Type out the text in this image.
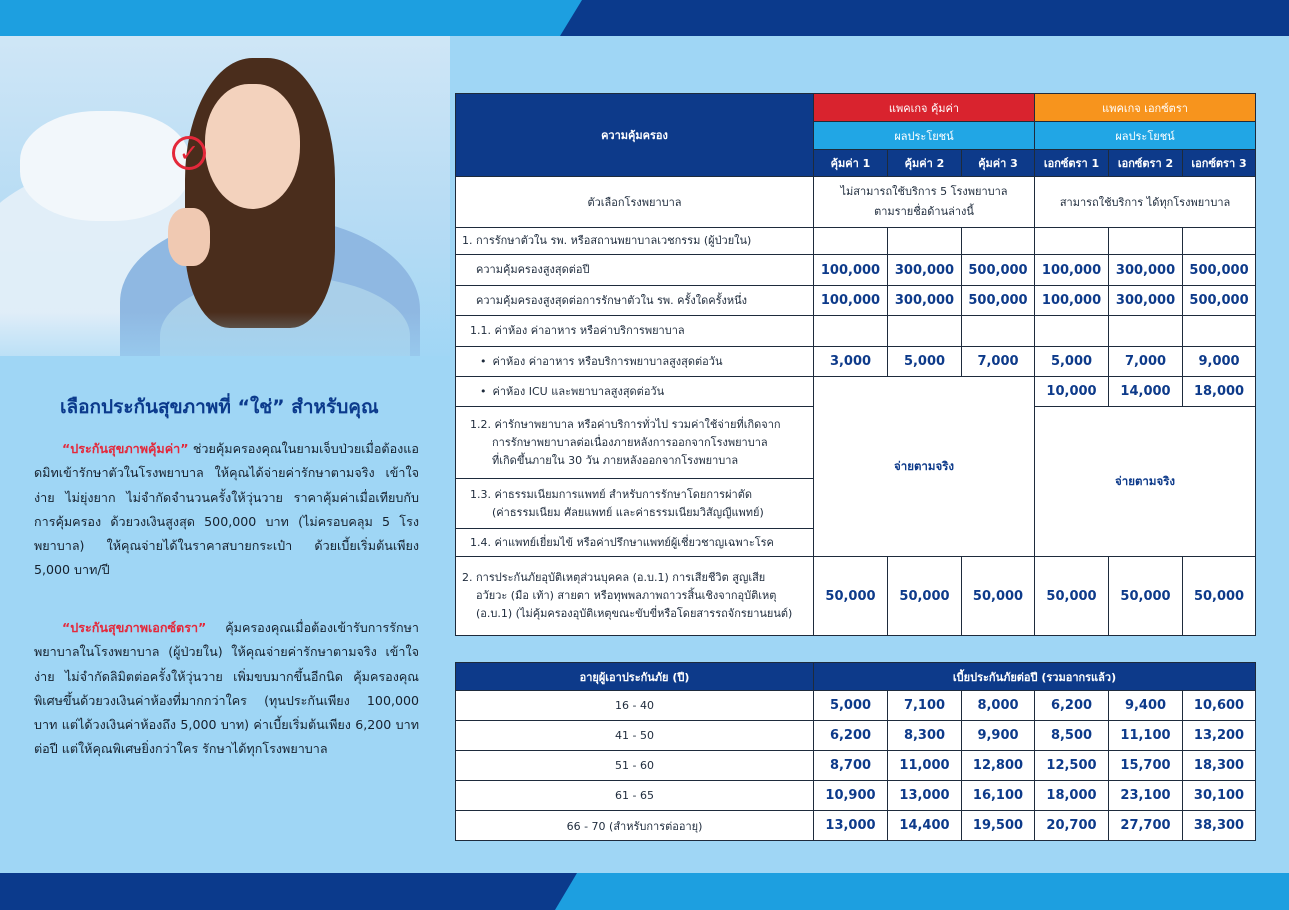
✓
เลือกประกันสุขภาพที่ “ใช่” สำหรับคุณ
“ประกันสุขภาพคุ้มค่า” ช่วยคุ้มครองคุณในยามเจ็บป่วยเมื่อต้องแอดมิทเข้ารักษาตัวในโรงพยาบาล ให้คุณได้จ่ายค่ารักษาตามจริง เข้าใจง่าย ไม่ยุ่งยาก ไม่จำกัดจำนวนครั้งให้วุ่นวาย ราคาคุ้มค่าเมื่อเทียบกับการคุ้มครอง ด้วยวงเงินสูงสุด 500,000 บาท (ไม่ครอบคลุม 5 โรงพยาบาล) ให้คุณจ่ายได้ในราคาสบายกระเป๋า ด้วยเบี้ยเริ่มต้นเพียง 5,000 บาท/ปี
“ประกันสุขภาพเอกซ์ตรา” คุ้มครองคุณเมื่อต้องเข้ารับการรักษาพยาบาลในโรงพยาบาล (ผู้ป่วยใน) ให้คุณจ่ายค่ารักษาตามจริง เข้าใจง่าย ไม่จำกัดลิมิตต่อครั้งให้วุ่นวาย เพิ่มขบมากขึ้นอีกนิด คุ้มครองคุณพิเศษขึ้นด้วยวงเงินค่าห้องที่มากกว่าใคร (ทุนประกันเพียง 100,000 บาท แต่ได้วงเงินค่าห้องถึง 5,000 บาท) ค่าเบี้ยเริ่มต้นเพียง 6,200 บาทต่อปี แต่ให้คุณพิเศษยิ่งกว่าใคร รักษาได้ทุกโรงพยาบาล
ความคุ้มครอง	แพคเกจ คุ้มค่า			แพคเกจ เอกซ์ตรา		
	ผลประโยชน์			ผลประโยชน์		
	คุ้มค่า 1	คุ้มค่า 2	คุ้มค่า 3	เอกซ์ตรา 1	เอกซ์ตรา 2	เอกซ์ตรา 3
ตัวเลือกโรงพยาบาล	ไม่สามารถใช้บริการ 5 โรงพยาบาล
ตามรายชื่อด้านล่างนี้			สามารถใช้บริการ ได้ทุกโรงพยาบาล		
1. การรักษาตัวใน รพ. หรือสถานพยาบาลเวชกรรม (ผู้ป่วยใน)						
ความคุ้มครองสูงสุดต่อปี	100,000	300,000	500,000	100,000	300,000	500,000
ความคุ้มครองสูงสุดต่อการรักษาตัวใน รพ. ครั้งใดครั้งหนึ่ง	100,000	300,000	500,000	100,000	300,000	500,000
1.1. ค่าห้อง ค่าอาหาร หรือค่าบริการพยาบาล						
• ค่าห้อง ค่าอาหาร หรือบริการพยาบาลสูงสุดต่อวัน	3,000	5,000	7,000	5,000	7,000	9,000
• ค่าห้อง ICU และพยาบาลสูงสุดต่อวัน	จ่ายตามจริง			10,000	14,000	18,000

1.2. ค่ารักษาพยาบาล หรือค่าบริการทั่วไป รวมค่าใช้จ่ายที่เกิดจาก
การรักษาพยาบาลต่อเนื่องภายหลังการออกจากโรงพยาบาล
ที่เกิดขึ้นภายใน 30 วัน ภายหลังออกจากโรงพยาบาล				จ่ายตามจริง		

1.3. ค่าธรรมเนียมการแพทย์ สำหรับการรักษาโดยการผ่าตัด
(ค่าธรรมเนียม ศัลยแพทย์ และค่าธรรมเนียมวิสัญญีแพทย์)						

1.4. ค่าแพทย์เยี่ยมไข้ หรือค่าปรึกษาแพทย์ผู้เชี่ยวชาญเฉพาะโรค						

2. การประกันภัยอุบัติเหตุส่วนบุคคล (อ.บ.1) การเสียชีวิต สูญเสีย
อวัยวะ (มือ เท้า) สายตา หรือทุพพลภาพถาวรสิ้นเชิงจากอุบัติเหตุ
(อ.บ.1) (ไม่คุ้มครองอุบัติเหตุขณะขับขี่หรือโดยสารรถจักรยานยนต์)	50,000	50,000	50,000	50,000	50,000	50,000
อายุผู้เอาประกันภัย (ปี)	เบี้ยประกันภัยต่อปี (รวมอากรแล้ว)					
16 - 40	5,000	7,100	8,000	6,200	9,400	10,600
41 - 50	6,200	8,300	9,900	8,500	11,100	13,200
51 - 60	8,700	11,000	12,800	12,500	15,700	18,300
61 - 65	10,900	13,000	16,100	18,000	23,100	30,100
66 - 70 (สำหรับการต่ออายุ)	13,000	14,400	19,500	20,700	27,700	38,300
